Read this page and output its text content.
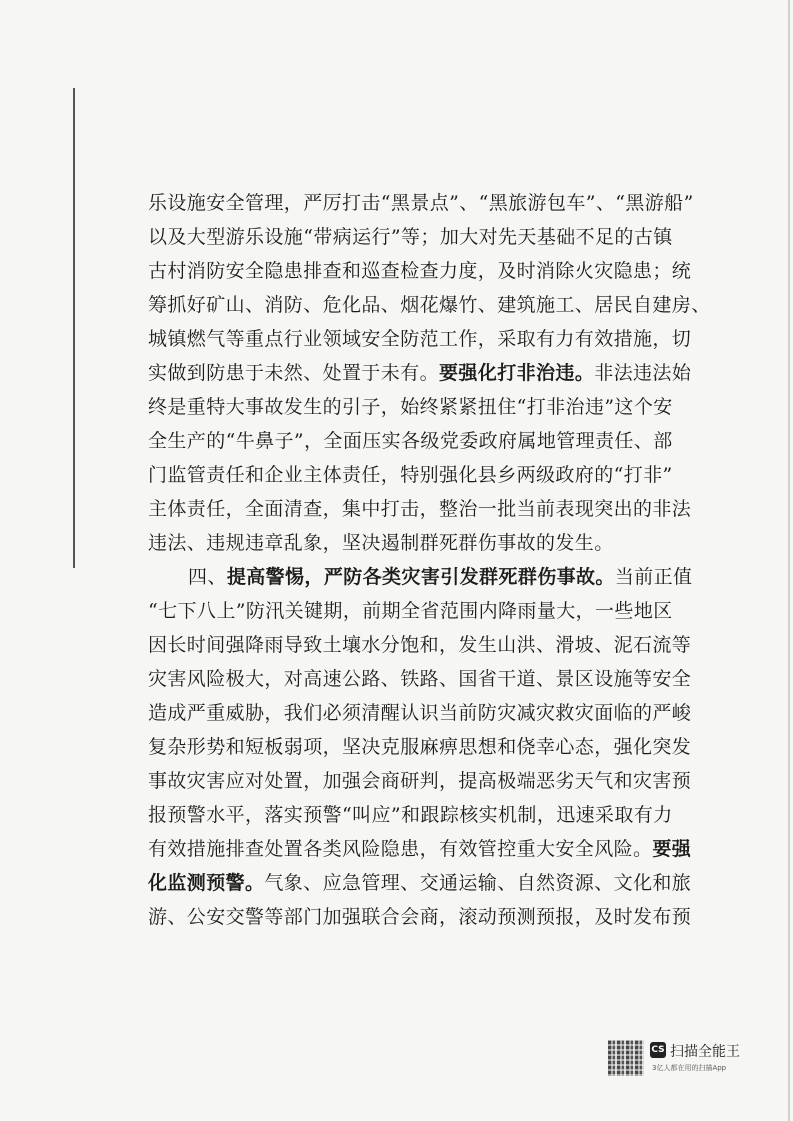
乐设施安全管理，严厉打击“黑景点”、“黑旅游包车”、“黑游船”
以及大型游乐设施“带病运行”等；加大对先天基础不足的古镇
古村消防安全隐患排查和巡查检查力度，及时消除火灾隐患；统
筹抓好矿山、消防、危化品、烟花爆竹、建筑施工、居民自建房、
城镇燃气等重点行业领域安全防范工作，采取有力有效措施，切
实做到防患于未然、处置于未有。要强化打非治违。非法违法始
终是重特大事故发生的引子，始终紧紧扭住“打非治违”这个安
全生产的“牛鼻子”，全面压实各级党委政府属地管理责任、部
门监管责任和企业主体责任，特别强化县乡两级政府的“打非”
主体责任，全面清查，集中打击，整治一批当前表现突出的非法
违法、违规违章乱象，坚决遏制群死群伤事故的发生。
四、提高警惕，严防各类灾害引发群死群伤事故。当前正值
“七下八上”防汛关键期，前期全省范围内降雨量大，一些地区
因长时间强降雨导致土壤水分饱和，发生山洪、滑坡、泥石流等
灾害风险极大，对高速公路、铁路、国省干道、景区设施等安全
造成严重威胁，我们必须清醒认识当前防灾减灾救灾面临的严峻
复杂形势和短板弱项，坚决克服麻痹思想和侥幸心态，强化突发
事故灾害应对处置，加强会商研判，提高极端恶劣天气和灾害预
报预警水平，落实预警“叫应”和跟踪核实机制，迅速采取有力
有效措施排查处置各类风险隐患，有效管控重大安全风险。要强
化监测预警。气象、应急管理、交通运输、自然资源、文化和旅
游、公安交警等部门加强联合会商，滚动预测预报，及时发布预
CS 扫描全能王
3亿人都在用的扫描App
